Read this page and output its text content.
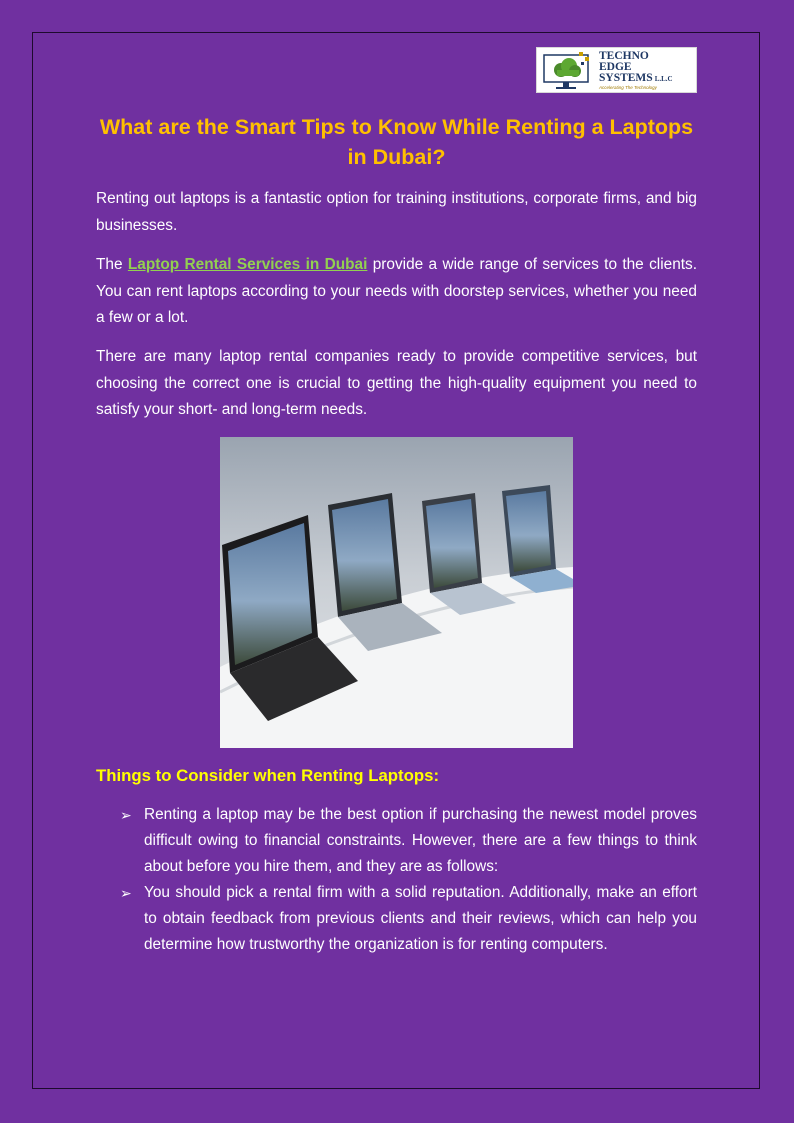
TECHNO
EDGE
SYSTEMS L.L.C
Accelerating The Technology
What are the Smart Tips to Know While Renting a Laptops in Dubai?

Renting out laptops is a fantastic option for training institutions, corporate firms, and big businesses.

The Laptop Rental Services in Dubai provide a wide range of services to the clients. You can rent laptops according to your needs with doorstep services, whether you need a few or a lot.

There are many laptop rental companies ready to provide competitive services, but choosing the correct one is crucial to getting the high-quality equipment you need to satisfy your short- and long-term needs.

Things to Consider when Renting Laptops:
➢ Renting a laptop may be the best option if purchasing the newest model proves difficult owing to financial constraints. However, there are a few things to think about before you hire them, and they are as follows:
➢ You should pick a rental firm with a solid reputation. Additionally, make an effort to obtain feedback from previous clients and their reviews, which can help you determine how trustworthy the organization is for renting computers.
